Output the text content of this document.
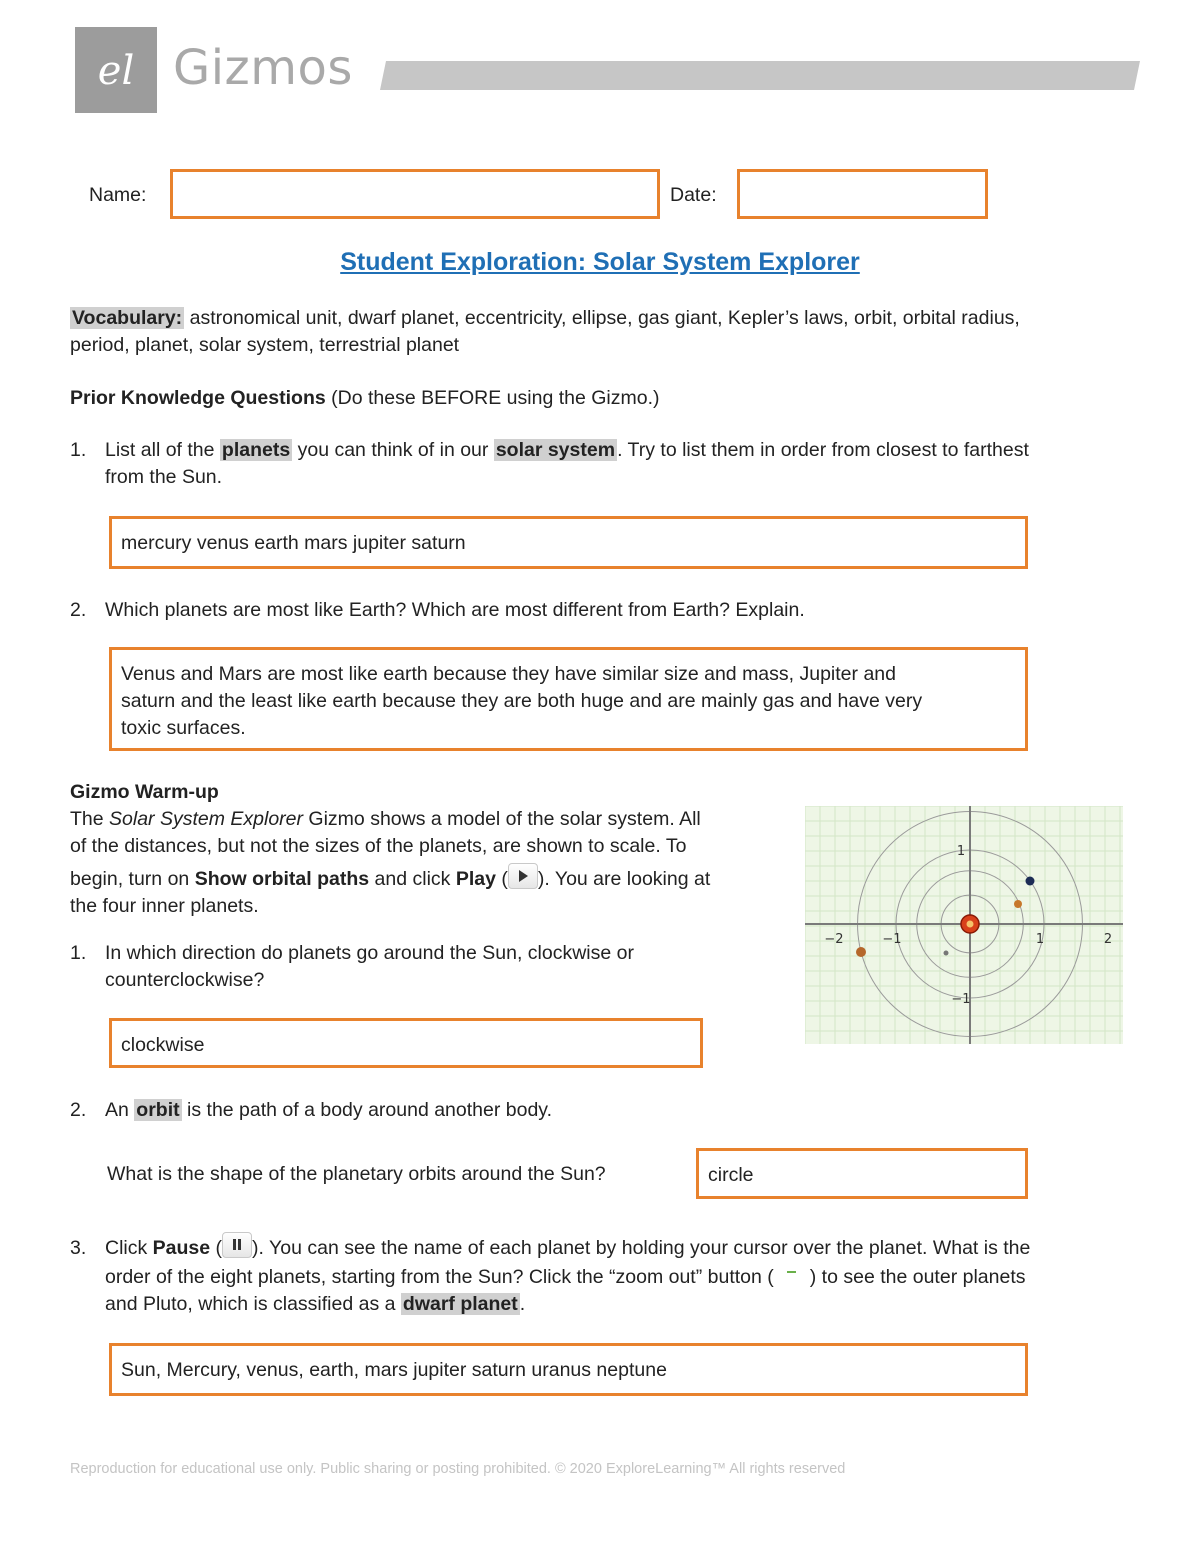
el Gizmos
Name:	Date:
Student Exploration: Solar System Explorer
Vocabulary: astronomical unit, dwarf planet, eccentricity, ellipse, gas giant, Kepler’s laws, orbit, orbital radius,
period, planet, solar system, terrestrial planet
Prior Knowledge Questions (Do these BEFORE using the Gizmo.)
1. List all of the planets you can think of in our solar system . Try to list them in order from closest to farthest
from the Sun.
mercury venus earth mars jupiter saturn
2. Which planets are most like Earth? Which are most different from Earth? Explain.
Venus and Mars are most like earth because they have similar size and mass, Jupiter and
saturn and the least like earth because they are both huge and are mainly gas and have very
toxic surfaces.
Gizmo Warm-up
The Solar System Explorer Gizmo shows a model of the solar system. All
of the distances, but not the sizes of the planets, are shown to scale. To
begin, turn on Show orbital paths and click Play ( ). You are looking at
the four inner planets.
−2	−1	1	2
1
−1
1. In which direction do planets go around the Sun, clockwise or
counterclockwise?
clockwise
2. An orbit is the path of a body around another body.
What is the shape of the planetary orbits around the Sun?	circle
3. Click Pause ( ). You can see the name of each planet by holding your cursor over the planet. What is the
order of the eight planets, starting from the Sun? Click the “zoom out” button ( ) to see the outer planets
and Pluto, which is classified as a dwarf planet .
Sun, Mercury, venus, earth, mars jupiter saturn uranus neptune
Reproduction for educational use only. Public sharing or posting prohibited. © 2020 ExploreLearning™ All rights reserved
